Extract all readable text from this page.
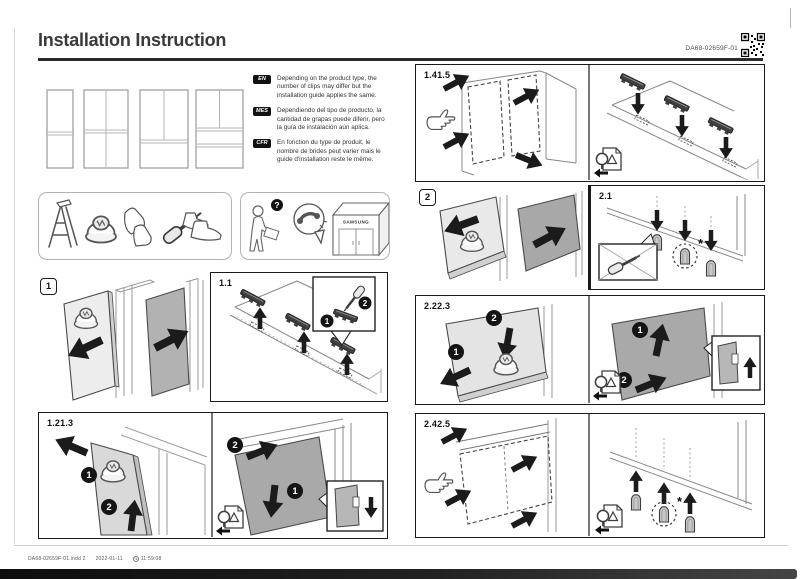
Installation Instruction	DA68-02659F-01
EN	Depending on the product type, the number of clips may differ but the installation guide applies the same.
MES	Dependiendo del tipo de producto, la cantidad de grapas puede diferir, pero la guía de instalación aún aplica.
CFR	En fonction du type de produit, le nombre de brides peut varier mais le guide d'installation reste le même.
?
SAMSUNG
1	1.1
1
2
1.21.3
1
2
2
1
1.41.5
2	2.1
*
2.22.3
2
1
1
2
2.42.5
*
DA68-02659F-01.indd 2 2022-01-11	11:59:08
